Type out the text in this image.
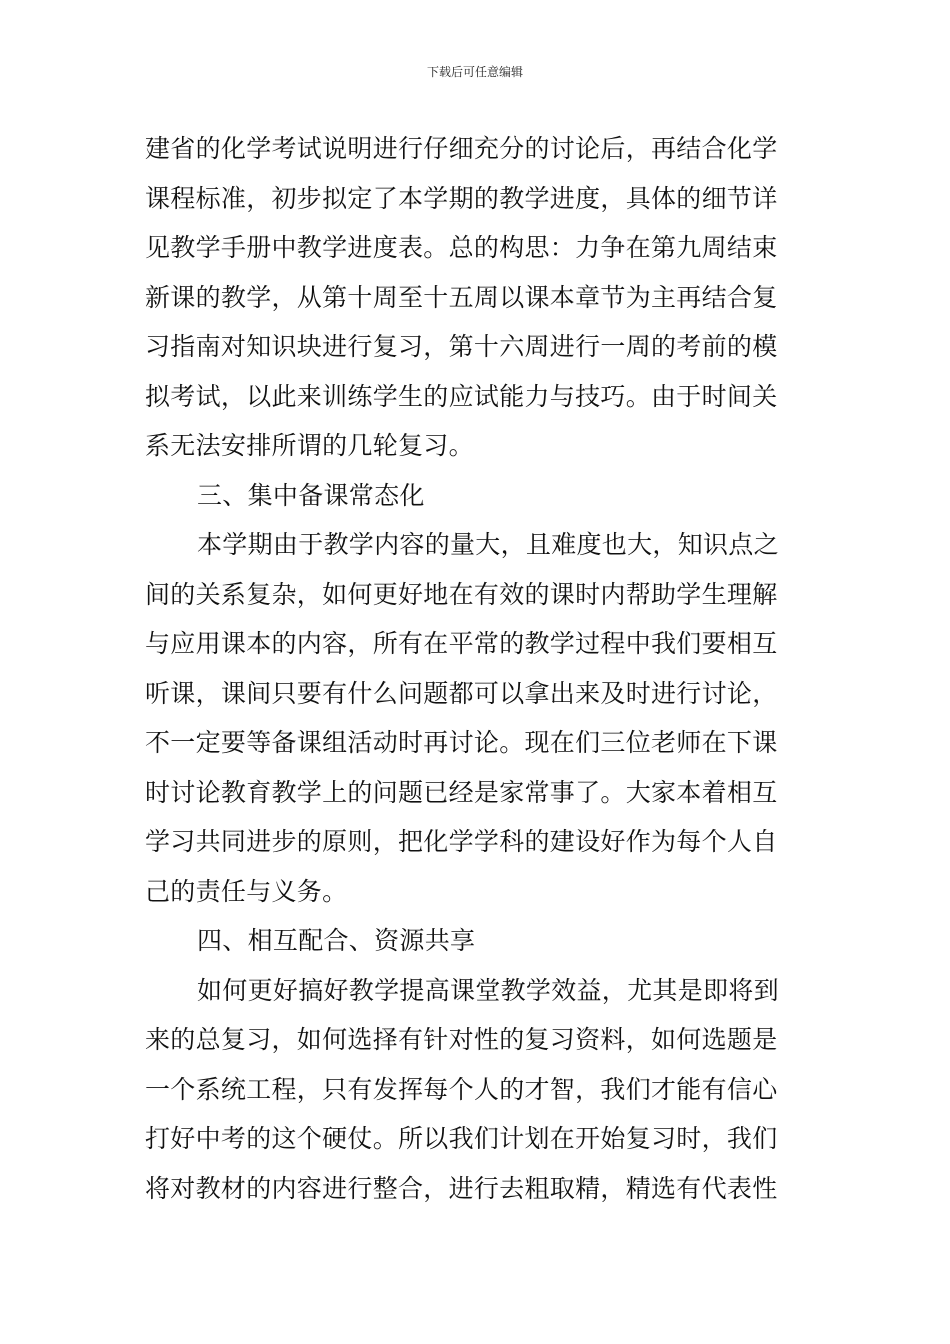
下载后可任意编辑
建省的化学考试说明进行仔细充分的讨论后，再结合化学
课程标准，初步拟定了本学期的教学进度，具体的细节详
见教学手册中教学进度表。总的构思：力争在第九周结束
新课的教学，从第十周至十五周以课本章节为主再结合复
习指南对知识块进行复习，第十六周进行一周的考前的模
拟考试，以此来训练学生的应试能力与技巧。由于时间关
系无法安排所谓的几轮复习。
三、集中备课常态化
本学期由于教学内容的量大，且难度也大，知识点之
间的关系复杂，如何更好地在有效的课时内帮助学生理解
与应用课本的内容，所有在平常的教学过程中我们要相互
听课，课间只要有什么问题都可以拿出来及时进行讨论，
不一定要等备课组活动时再讨论。现在们三位老师在下课
时讨论教育教学上的问题已经是家常事了。大家本着相互
学习共同进步的原则，把化学学科的建设好作为每个人自
己的责任与义务。
四、相互配合、资源共享
如何更好搞好教学提高课堂教学效益，尤其是即将到
来的总复习，如何选择有针对性的复习资料，如何选题是
一个系统工程，只有发挥每个人的才智，我们才能有信心
打好中考的这个硬仗。所以我们计划在开始复习时，我们
将对教材的内容进行整合，进行去粗取精，精选有代表性
